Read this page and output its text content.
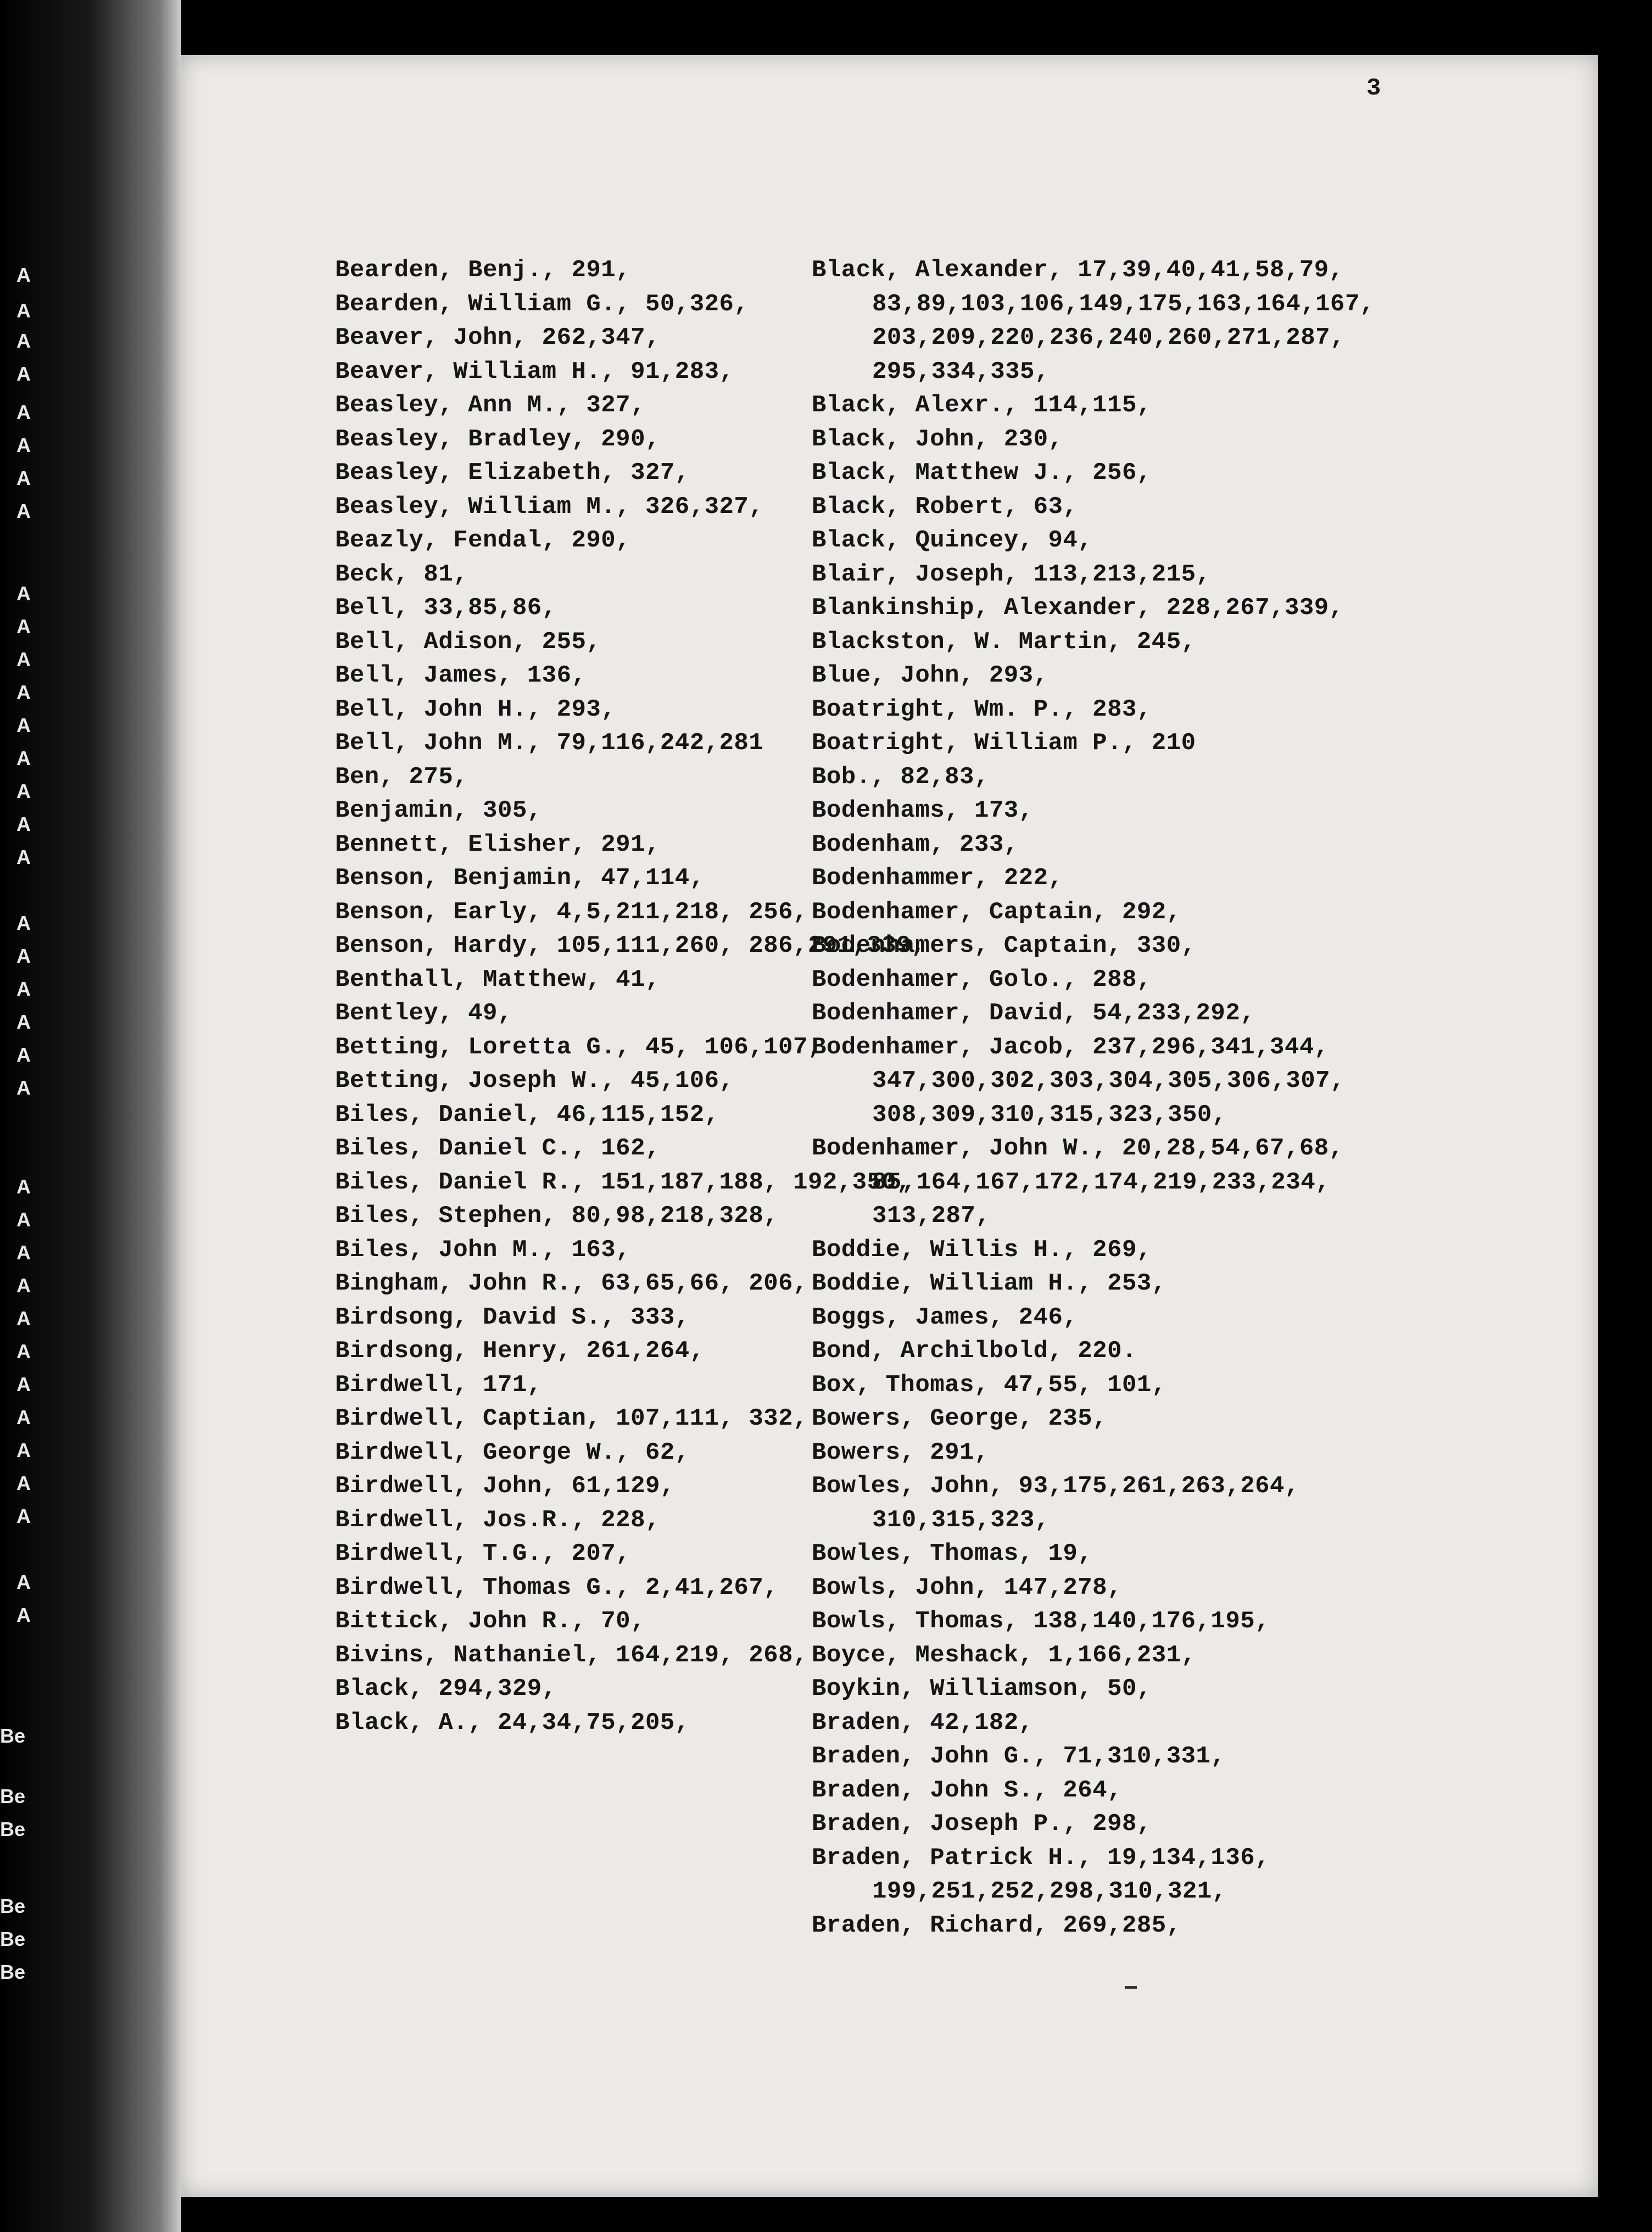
A
A
A
A
A
A
A
A
A
A
A
A
A
A
A
A
A
A
A
A
A
A
A
A
A
A
A
A
A
A
A
A
A
A
A
A
Be
Be
Be
Be
Be
Be
3

Bearden, Benj., 291,

Bearden, William G., 50,326,

Beaver, John, 262,347,

Beaver, William H., 91,283,

Beasley, Ann M., 327,

Beasley, Bradley, 290,

Beasley, Elizabeth, 327,

Beasley, William M., 326,327,

Beazly, Fendal, 290,

Beck, 81,

Bell, 33,85,86,

Bell, Adison, 255,

Bell, James, 136,

Bell, John H., 293,

Bell, John M., 79,116,242,281

Ben, 275,

Benjamin, 305,

Bennett, Elisher, 291,

Benson, Benjamin, 47,114,

Benson, Early, 4,5,211,218, 256,

Benson, Hardy, 105,111,260, 286,291,339,

Benthall, Matthew, 41,

Bentley, 49,

Betting, Loretta G., 45, 106,107,

Betting, Joseph W., 45,106,

Biles, Daniel, 46,115,152,

Biles, Daniel C., 162,

Biles, Daniel R., 151,187,188, 192,350,

Biles, Stephen, 80,98,218,328,

Biles, John M., 163,

Bingham, John R., 63,65,66, 206,

Birdsong, David S., 333,

Birdsong, Henry, 261,264,

Birdwell, 171,

Birdwell, Captian, 107,111, 332,

Birdwell, George W., 62,

Birdwell, John, 61,129,

Birdwell, Jos.R., 228,

Birdwell, T.G., 207,

Birdwell, Thomas G., 2,41,267,

Bittick, John R., 70,

Bivins, Nathaniel, 164,219, 268,

Black, 294,329,

Black, A., 24,34,75,205,

Black, Alexander, 17,39,40,41,58,79, 83,89,103,106,149,175,163,164,167, 203,209,220,236,240,260,271,287, 295,334,335,

Black, Alexr., 114,115,

Black, John, 230,

Black, Matthew J., 256,

Black, Robert, 63,

Black, Quincey, 94,

Blair, Joseph, 113,213,215,

Blankinship, Alexander, 228,267,339,

Blackston, W. Martin, 245,

Blue, John, 293,

Boatright, Wm. P., 283,

Boatright, William P., 210

Bob., 82,83,

Bodenhams, 173,

Bodenham, 233,

Bodenhammer, 222,

Bodenhamer, Captain, 292,

Bodenhamers, Captain, 330,

Bodenhamer, Golo., 288,

Bodenhamer, David, 54,233,292,

Bodenhamer, Jacob, 237,296,341,344, 347,300,302,303,304,305,306,307, 308,309,310,315,323,350,

Bodenhamer, John W., 20,28,54,67,68, 85,164,167,172,174,219,233,234, 313,287,

Boddie, Willis H., 269,

Boddie, William H., 253,

Boggs, James, 246,

Bond, Archilbold, 220.

Box, Thomas, 47,55, 101,

Bowers, George, 235,

Bowers, 291,

Bowles, John, 93,175,261,263,264, 310,315,323,

Bowles, Thomas, 19,

Bowls, John, 147,278,

Bowls, Thomas, 138,140,176,195,

Boyce, Meshack, 1,166,231,

Boykin, Williamson, 50,

Braden, 42,182,

Braden, John G., 71,310,331,

Braden, John S., 264,

Braden, Joseph P., 298,

Braden, Patrick H., 19,134,136, 199,251,252,298,310,321,

Braden, Richard, 269,285,
